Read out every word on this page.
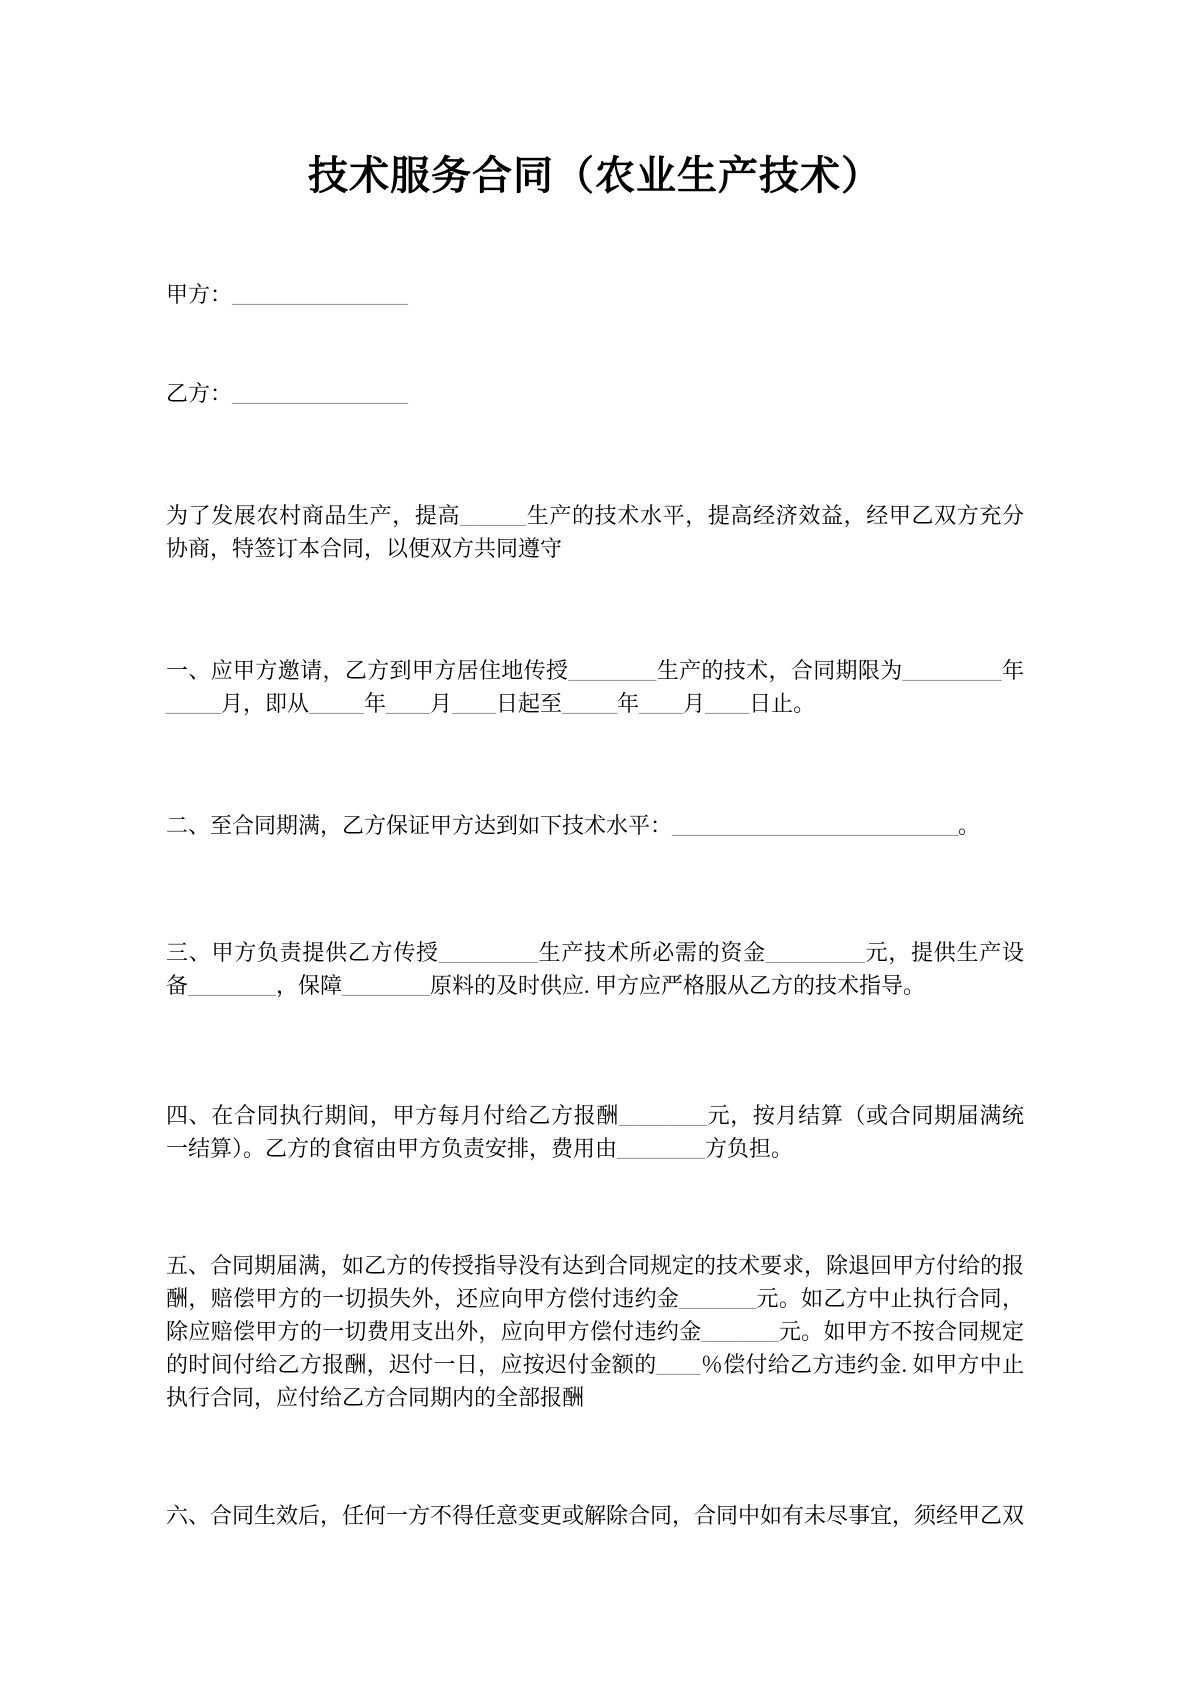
技术服务合同（农业生产技术）

甲方：________________

乙方：________________

为了发展农村商品生产，提高______生产的技术水平，提高经济效益，经甲乙双方充分协商，特签订本合同，以便双方共同遵守

一、应甲方邀请，乙方到甲方居住地传授________生产的技术，合同期限为_________年_____月，即从_____年____月____日起至_____年____月____日止。

二、至合同期满，乙方保证甲方达到如下技术水平：__________________________。

三、甲方负责提供乙方传授_________生产技术所必需的资金_________元，提供生产设备________，保障________原料的及时供应. 甲方应严格服从乙方的技术指导。

四、在合同执行期间，甲方每月付给乙方报酬________元，按月结算（或合同期届满统一结算）。乙方的食宿由甲方负责安排，费用由________方负担。

五、合同期届满，如乙方的传授指导没有达到合同规定的技术要求，除退回甲方付给的报酬，赔偿甲方的一切损失外，还应向甲方偿付违约金_______元。如乙方中止执行合同，除应赔偿甲方的一切费用支出外，应向甲方偿付违约金_______元。如甲方不按合同规定的时间付给乙方报酬，迟付一日，应按迟付金额的____％偿付给乙方违约金. 如甲方中止执行合同，应付给乙方合同期内的全部报酬

六、合同生效后，任何一方不得任意变更或解除合同，合同中如有未尽事宜，须经甲乙双
